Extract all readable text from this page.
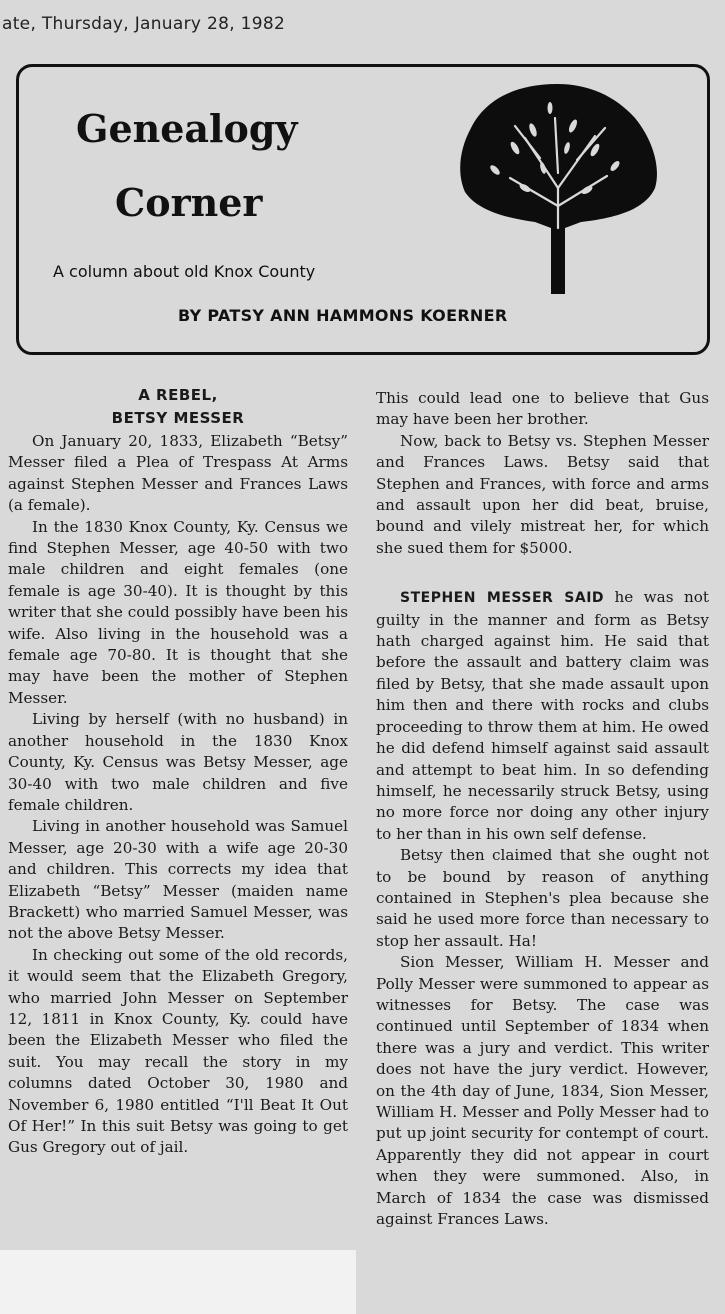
ate, Thursday, January 28, 1982
Genealogy
Corner
A column about old Knox County
BY PATSY ANN HAMMONS KOERNER
A REBEL,
BETSY MESSER

On January 20, 1833, Elizabeth “Betsy” Messer filed a Plea of Trespass At Arms against Stephen Messer and Frances Laws (a female).

In the 1830 Knox County, Ky. Census we find Stephen Messer, age 40-50 with two male children and eight females (one female is age 30-40). It is thought by this writer that she could possibly have been his wife. Also living in the household was a female age 70-80. It is thought that she may have been the mother of Stephen Messer.

Living by herself (with no husband) in another household in the 1830 Knox County, Ky. Census was Betsy Messer, age 30-40 with two male children and five female children.

Living in another household was Samuel Messer, age 20-30 with a wife age 20-30 and children. This corrects my idea that Elizabeth “Betsy” Messer (maiden name Brackett) who married Samuel Messer, was not the above Betsy Messer.

In checking out some of the old records, it would seem that the Elizabeth Gregory, who married John Messer on September 12, 1811 in Knox County, Ky. could have been the Elizabeth Messer who filed the suit. You may recall the story in my columns dated October 30, 1980 and November 6, 1980 entitled “I'll Beat It Out Of Her!” In this suit Betsy was going to get Gus Gregory out of jail.

This could lead one to believe that Gus may have been her brother.

Now, back to Betsy vs. Stephen Messer and Frances Laws. Betsy said that Stephen and Frances, with force and arms and assault upon her did beat, bruise, bound and vilely mistreat her, for which she sued them for $5000.

STEPHEN MESSER SAID he was not guilty in the manner and form as Betsy hath charged against him. He said that before the assault and battery claim was filed by Betsy, that she made assault upon him then and there with rocks and clubs proceeding to throw them at him. He owed he did defend himself against said assault and attempt to beat him. In so defending himself, he necessarily struck Betsy, using no more force nor doing any other injury to her than in his own self defense.

Betsy then claimed that she ought not to be bound by reason of anything contained in Stephen's plea because she said he used more force than necessary to stop her assault. Ha!

Sion Messer, William H. Messer and Polly Messer were summoned to appear as witnesses for Betsy. The case was continued until September of 1834 when there was a jury and verdict. This writer does not have the jury verdict. However, on the 4th day of June, 1834, Sion Messer, William H. Messer and Polly Messer had to put up joint security for contempt of court. Apparently they did not appear in court when they were summoned. Also, in March of 1834 the case was dismissed against Frances Laws.
